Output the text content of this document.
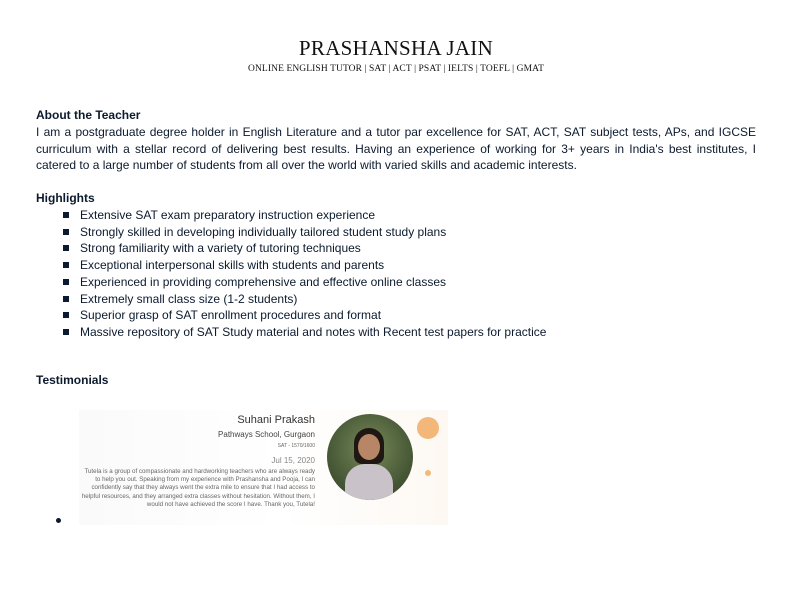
PRASHANSHA JAIN
ONLINE ENGLISH TUTOR | SAT | ACT | PSAT | IELTS | TOEFL | GMAT
About the Teacher
I am a postgraduate degree holder in English Literature and a tutor par excellence for SAT, ACT, SAT subject tests, APs, and IGCSE curriculum with a stellar record of delivering best results. Having an experience of working for 3+ years in India's best institutes, I catered to a large number of students from all over the world with varied skills and academic interests.
Highlights
Extensive SAT exam preparatory instruction experience
Strongly skilled in developing individually tailored student study plans
Strong familiarity with a variety of tutoring techniques
Exceptional interpersonal skills with students and parents
Experienced in providing comprehensive and effective online classes
Extremely small class size (1-2 students)
Superior grasp of SAT enrollment procedures and format
Massive repository of SAT Study material and notes with Recent test papers for practice
Testimonials
Suhani Prakash
Pathways School, Gurgaon
SAT - 1570/1600
Jul 15, 2020
Tutela is a group of compassionate and hardworking teachers who are always ready to help you out. Speaking from my experience with Prashansha and Pooja, I can confidently say that they always went the extra mile to ensure that I had access to helpful resources, and they arranged extra classes without hesitation. Without them, I would not have achieved the score I have. Thank you, Tutela!
